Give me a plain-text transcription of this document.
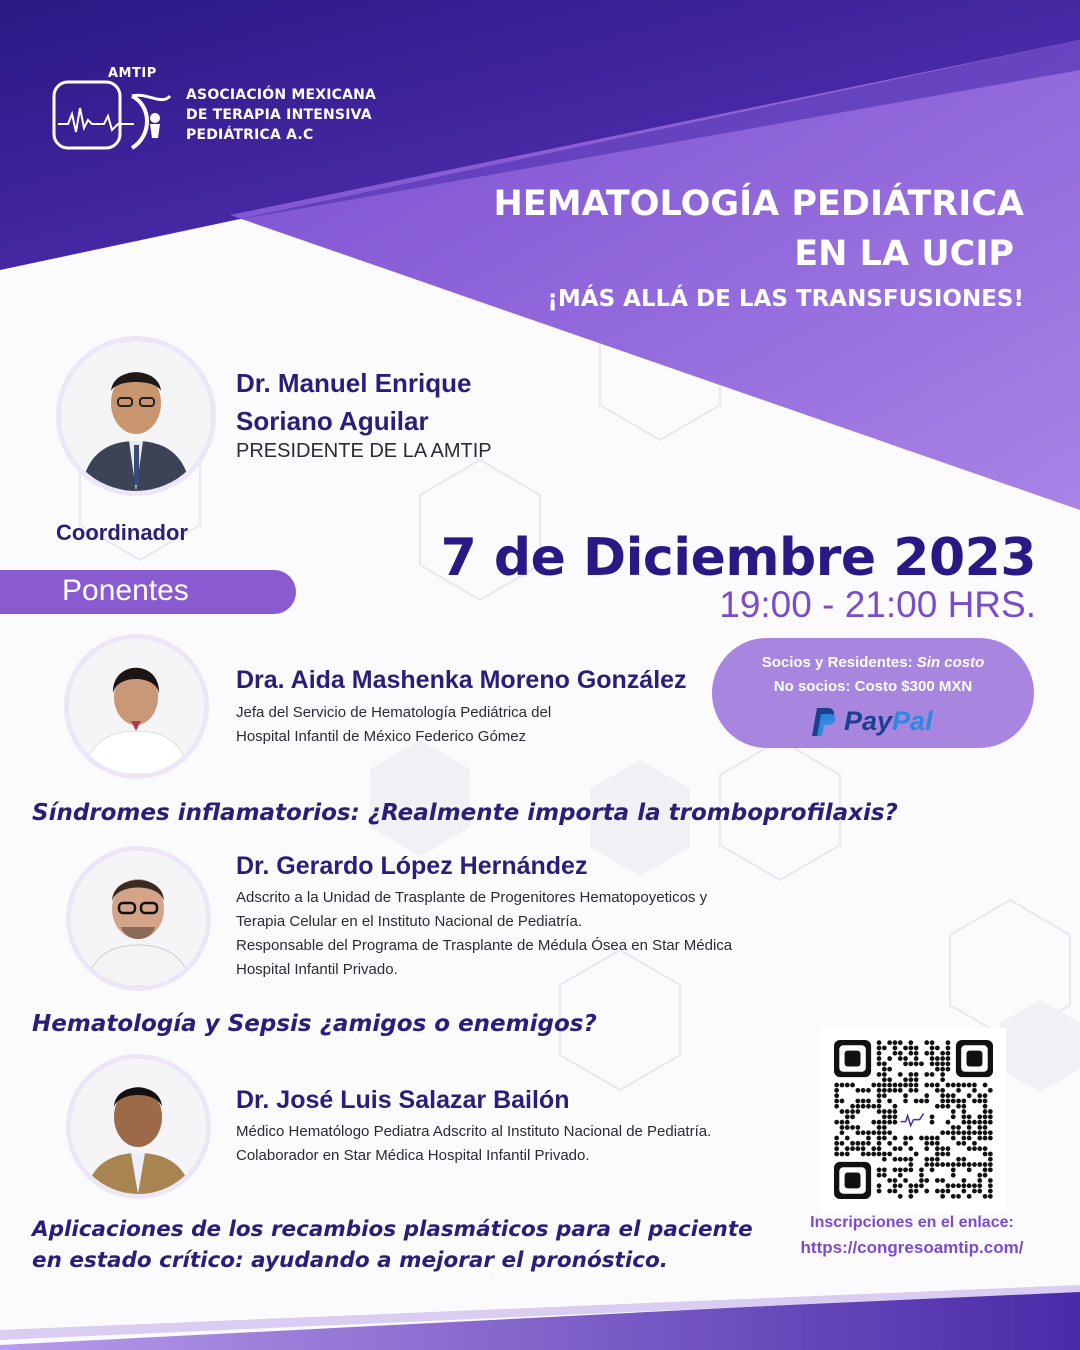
AMTIP
ASOCIACIÓN MEXICANA
DE TERAPIA INTENSIVA
PEDIÁTRICA A.C
HEMATOLOGÍA PEDIÁTRICA
EN LA UCIP
¡MÁS ALLÁ DE LAS TRANSFUSIONES!
Dr. Manuel Enrique
Soriano Aguilar
PRESIDENTE DE LA AMTIP
Coordinador
Ponentes
7 de Diciembre 2023
19:00 - 21:00 HRS.
Socios y Residentes: Sin costo
No socios: Costo $300 MXN
PayPal
Dra. Aida Mashenka Moreno González
Jefa del Servicio de Hematología Pediátrica del
Hospital Infantil de México Federico Gómez
Síndromes inflamatorios: ¿Realmente importa la tromboprofilaxis?
Dr. Gerardo López Hernández
Adscrito a la Unidad de Trasplante de Progenitores Hematopoyeticos y
Terapia Celular en el Instituto Nacional de Pediatría.
Responsable del Programa de Trasplante de Médula Ósea en Star Médica
Hospital Infantil Privado.
Hematología y Sepsis ¿amigos o enemigos?
Dr. José Luis Salazar Bailón
Médico Hematólogo Pediatra Adscrito al Instituto Nacional de Pediatría.
Colaborador en Star Médica Hospital Infantil Privado.
Aplicaciones de los recambios plasmáticos para el paciente
en estado crítico: ayudando a mejorar el pronóstico.
Inscripciones en el enlace:
https://congresoamtip.com/
